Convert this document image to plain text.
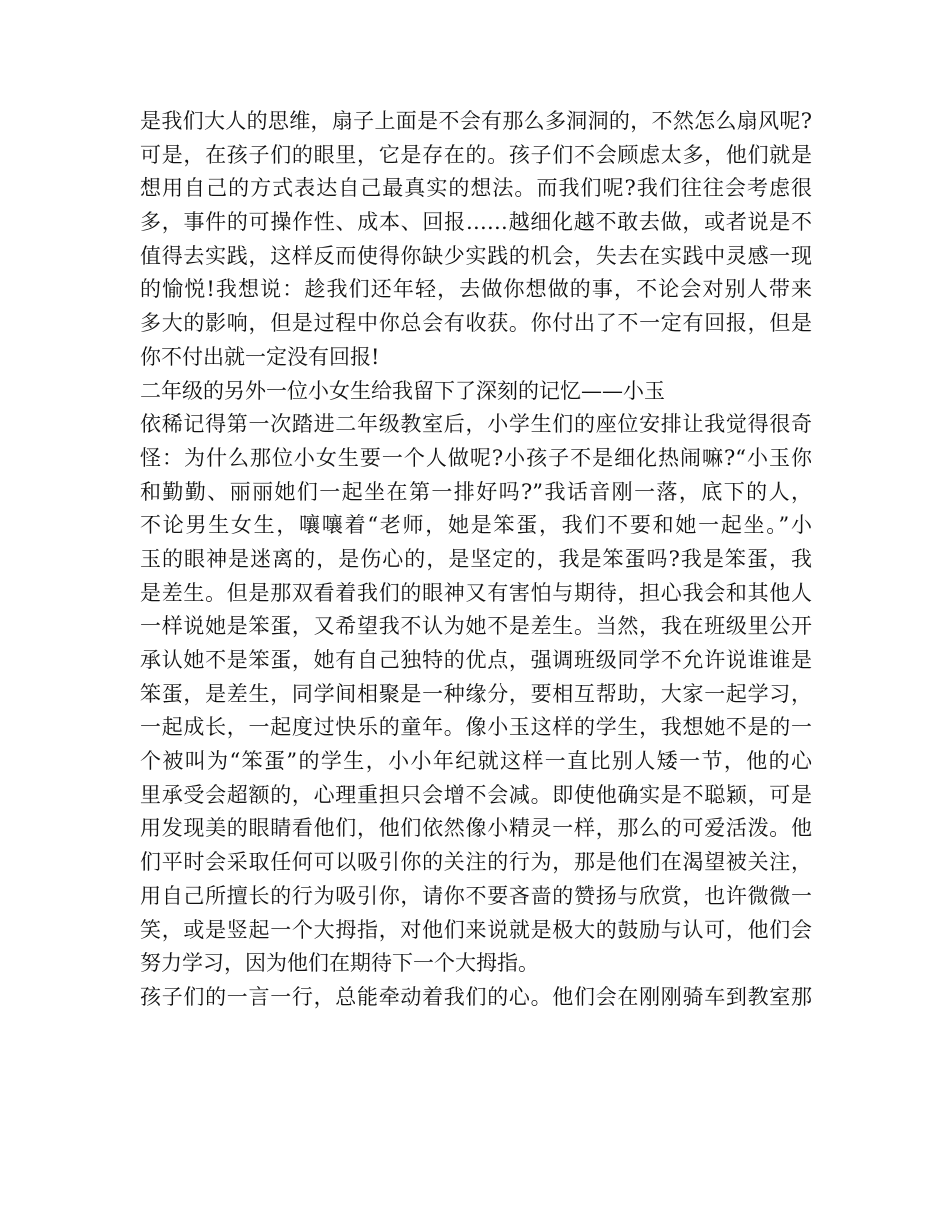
是我们大人的思维，扇子上面是不会有那么多洞洞的，不然怎么扇风呢?
可是，在孩子们的眼里，它是存在的。孩子们不会顾虑太多，他们就是
想用自己的方式表达自己最真实的想法。而我们呢?我们往往会考虑很
多，事件的可操作性、成本、回报……越细化越不敢去做，或者说是不
值得去实践，这样反而使得你缺少实践的机会，失去在实践中灵感一现
的愉悦!我想说：趁我们还年轻，去做你想做的事，不论会对别人带来
多大的影响，但是过程中你总会有收获。你付出了不一定有回报，但是
你不付出就一定没有回报!
二年级的另外一位小女生给我留下了深刻的记忆——小玉
依稀记得第一次踏进二年级教室后，小学生们的座位安排让我觉得很奇
怪：为什么那位小女生要一个人做呢?小孩子不是细化热闹嘛?“小玉你
和勤勤、丽丽她们一起坐在第一排好吗?”我话音刚一落，底下的人，
不论男生女生，嚷嚷着“老师，她是笨蛋，我们不要和她一起坐。”小
玉的眼神是迷离的，是伤心的，是坚定的，我是笨蛋吗?我是笨蛋，我
是差生。但是那双看着我们的眼神又有害怕与期待，担心我会和其他人
一样说她是笨蛋，又希望我不认为她不是差生。当然，我在班级里公开
承认她不是笨蛋，她有自己独特的优点，强调班级同学不允许说谁谁是
笨蛋，是差生，同学间相聚是一种缘分，要相互帮助，大家一起学习，
一起成长，一起度过快乐的童年。像小玉这样的学生，我想她不是的一
个被叫为“笨蛋”的学生，小小年纪就这样一直比别人矮一节，他的心
里承受会超额的，心理重担只会增不会减。即使他确实是不聪颖，可是
用发现美的眼睛看他们，他们依然像小精灵一样，那么的可爱活泼。他
们平时会采取任何可以吸引你的关注的行为，那是他们在渴望被关注，
用自己所擅长的行为吸引你，请你不要吝啬的赞扬与欣赏，也许微微一
笑，或是竖起一个大拇指，对他们来说就是极大的鼓励与认可，他们会
努力学习，因为他们在期待下一个大拇指。
孩子们的一言一行，总能牵动着我们的心。他们会在刚刚骑车到教室那
